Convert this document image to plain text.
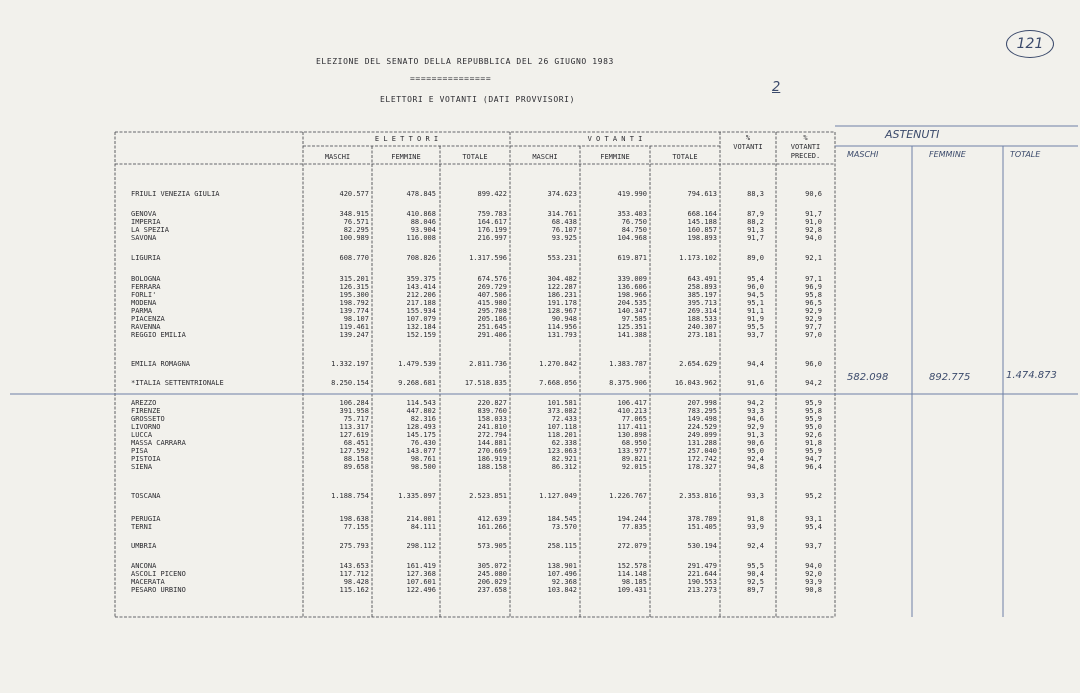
ELEZIONE DEL SENATO DELLA REPUBBLICA DEL 26 GIUGNO 1983
===============
ELETTORI E VOTANTI (DATI PROVVISORI)
2
121
E L E T T O R I	V O T A N T I
MASCHI	FEMMINE	TOTALE	MASCHI	FEMMINE	TOTALE
%
VOTANTI
%
VOTANTI
PRECED.
ASTENUTI
MASCHI	FEMMINE	TOTALE
582.098	892.775	1.474.873
FRIULI VENEZIA GIULIA	420.577	478.845	899.422	374.623	419.990	794.613	88,3	90,6
GENOVA	348.915	410.868	759.783	314.761	353.403	668.164	87,9	91,7
IMPERIA	76.571	88.046	164.617	68.438	76.750	145.188	88,2	91,0
LA SPEZIA	82.295	93.904	176.199	76.107	84.750	160.857	91,3	92,8
SAVONA	100.989	116.008	216.997	93.925	104.968	198.893	91,7	94,0
LIGURIA	608.770	708.826	1.317.596	553.231	619.871	1.173.102	89,0	92,1
BOLOGNA	315.201	359.375	674.576	304.482	339.009	643.491	95,4	97,1
FERRARA	126.315	143.414	269.729	122.287	136.606	258.893	96,0	96,9
FORLI'	195.300	212.206	407.506	186.231	198.966	385.197	94,5	95,8
MODENA	198.792	217.188	415.980	191.178	204.535	395.713	95,1	96,5
PARMA	139.774	155.934	295.708	128.967	140.347	269.314	91,1	92,9
PIACENZA	98.107	107.079	205.186	90.948	97.585	188.533	91,9	92,9
RAVENNA	119.461	132.184	251.645	114.956	125.351	240.307	95,5	97,7
REGGIO EMILIA	139.247	152.159	291.406	131.793	141.388	273.181	93,7	97,0
EMILIA ROMAGNA	1.332.197	1.479.539	2.811.736	1.270.842	1.383.787	2.654.629	94,4	96,0
*ITALIA SETTENTRIONALE	8.250.154	9.268.681	17.518.835	7.668.056	8.375.906	16.043.962	91,6	94,2
AREZZO	106.284	114.543	220.827	101.581	106.417	207.998	94,2	95,9
FIRENZE	391.958	447.802	839.760	373.082	410.213	783.295	93,3	95,8
GROSSETO	75.717	82.316	158.033	72.433	77.065	149.498	94,6	95,9
LIVORNO	113.317	128.493	241.810	107.118	117.411	224.529	92,9	95,0
LUCCA	127.619	145.175	272.794	118.201	130.898	249.099	91,3	92,6
MASSA CARRARA	68.451	76.430	144.881	62.338	68.950	131.288	90,6	91,8
PISA	127.592	143.077	270.669	123.063	133.977	257.040	95,0	95,9
PISTOIA	88.158	98.761	186.919	82.921	89.821	172.742	92,4	94,7
SIENA	89.658	98.500	188.158	86.312	92.015	178.327	94,8	96,4
TOSCANA	1.188.754	1.335.097	2.523.851	1.127.049	1.226.767	2.353.816	93,3	95,2
PERUGIA	198.638	214.001	412.639	184.545	194.244	378.789	91,8	93,1
TERNI	77.155	84.111	161.266	73.570	77.835	151.405	93,9	95,4
UMBRIA	275.793	298.112	573.905	258.115	272.079	530.194	92,4	93,7
ANCONA	143.653	161.419	305.072	138.901	152.578	291.479	95,5	94,0
ASCOLI PICENO	117.712	127.368	245.080	107.496	114.148	221.644	90,4	92,0
MACERATA	98.428	107.601	206.029	92.368	98.185	190.553	92,5	93,9
PESARO URBINO	115.162	122.496	237.658	103.842	109.431	213.273	89,7	90,8
